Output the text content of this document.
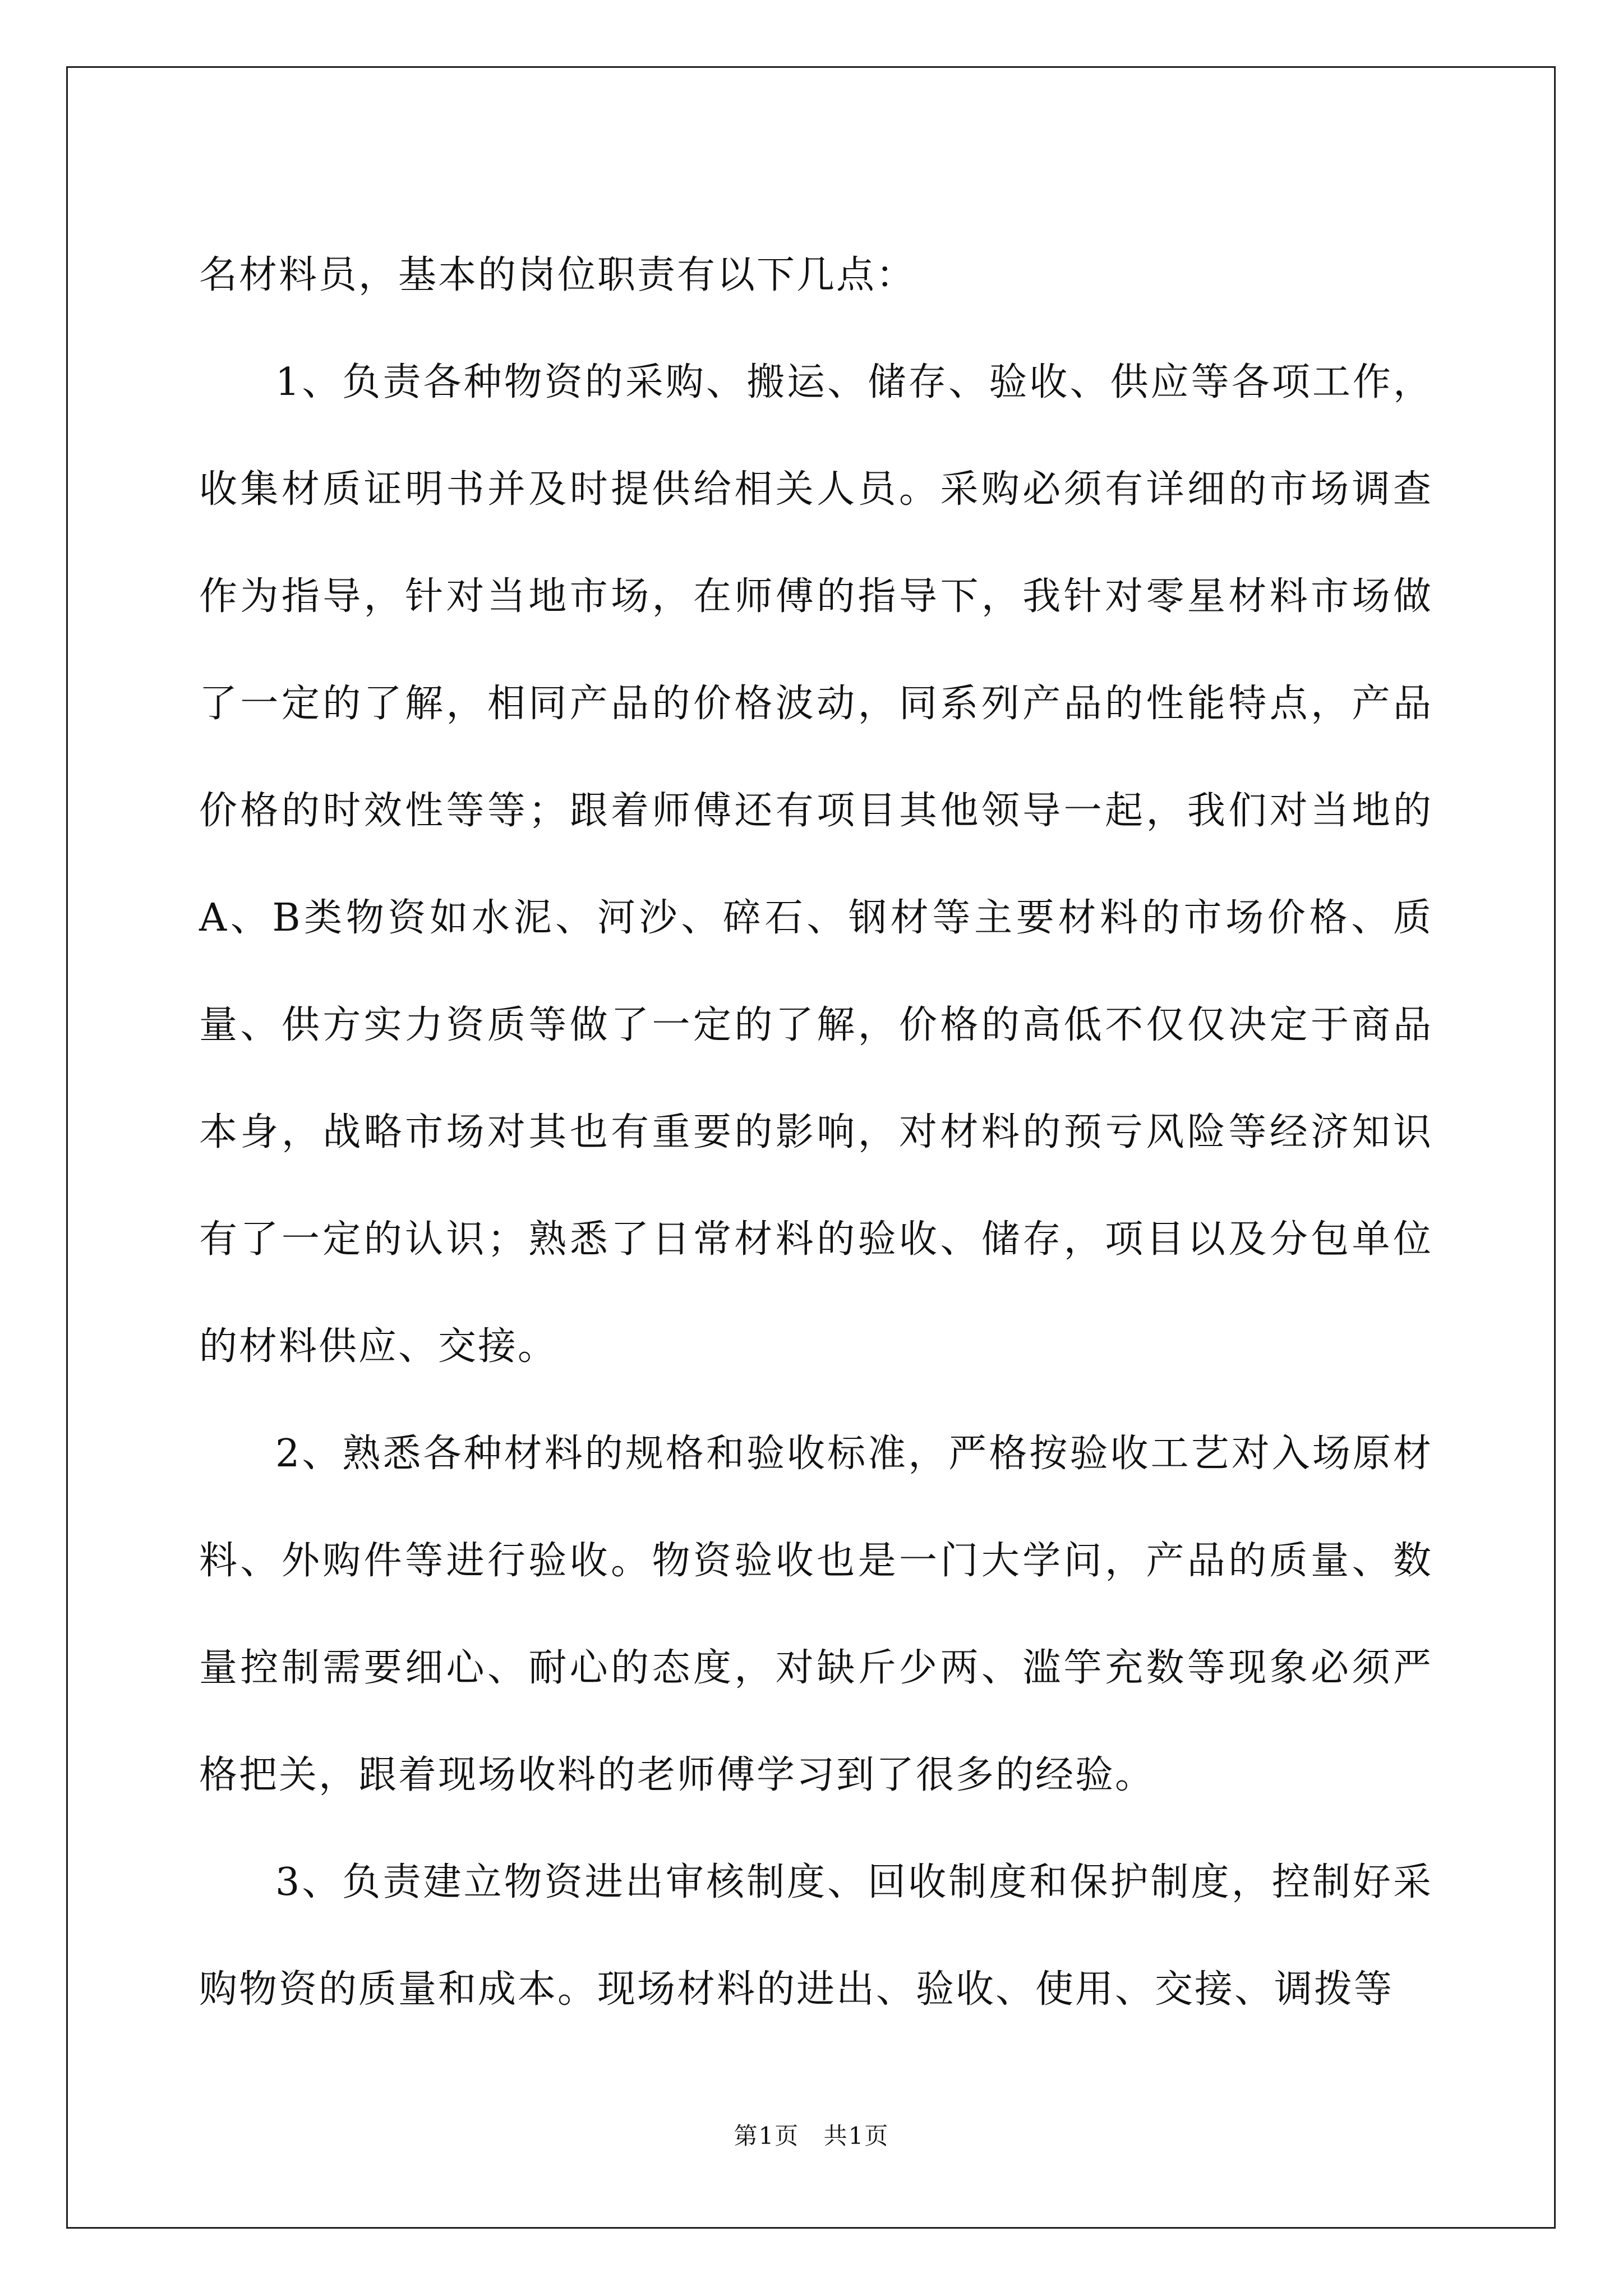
名材料员，基本的岗位职责有以下几点：

1、负责各种物资的采购、搬运、储存、验收、供应等各项工作，收集材质证明书并及时提供给相关人员。采购必须有详细的市场调查作为指导，针对当地市场，在师傅的指导下，我针对零星材料市场做了一定的了解，相同产品的价格波动，同系列产品的性能特点，产品价格的时效性等等；跟着师傅还有项目其他领导一起，我们对当地的A、B类物资如水泥、河沙、碎石、钢材等主要材料的市场价格、质量、供方实力资质等做了一定的了解，价格的高低不仅仅决定于商品本身，战略市场对其也有重要的影响，对材料的预亏风险等经济知识有了一定的认识；熟悉了日常材料的验收、储存，项目以及分包单位的材料供应、交接。

2、熟悉各种材料的规格和验收标准，严格按验收工艺对入场原材料、外购件等进行验收。物资验收也是一门大学问，产品的质量、数量控制需要细心、耐心的态度，对缺斤少两、滥竽充数等现象必须严格把关，跟着现场收料的老师傅学习到了很多的经验。

3、负责建立物资进出审核制度、回收制度和保护制度，控制好采购物资的质量和成本。现场材料的进出、验收、使用、交接、调拨等

第1页 共1页
